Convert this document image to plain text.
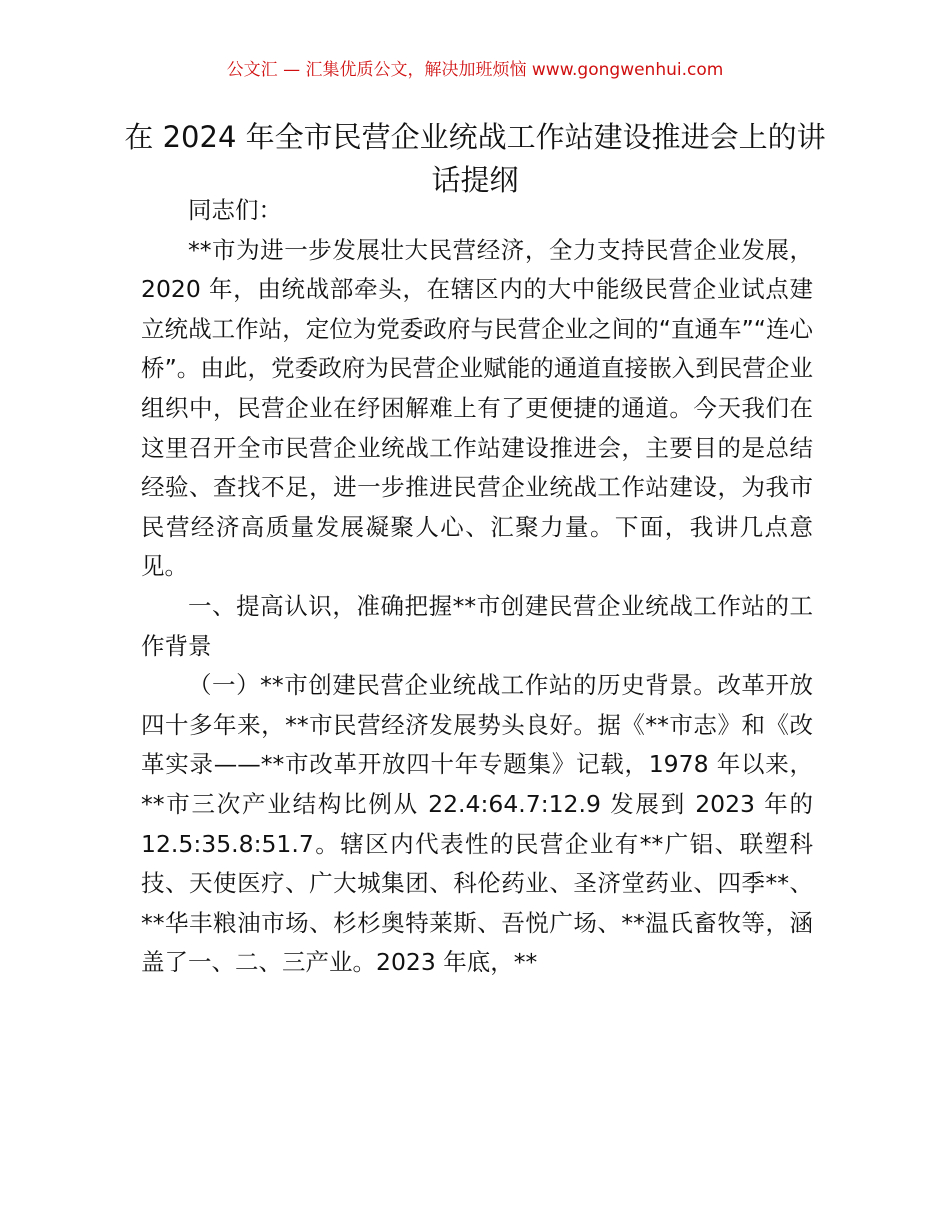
公文汇 — 汇集优质公文，解决加班烦恼 www.gongwenhui.com
在 2024 年全市民营企业统战工作站建设推进会上的讲话提纲

同志们：

**市为进一步发展壮大民营经济，全力支持民营企业发展，2020 年，由统战部牵头，在辖区内的大中能级民营企业试点建立统战工作站，定位为党委政府与民营企业之间的“直通车”“连心桥”。由此，党委政府为民营企业赋能的通道直接嵌入到民营企业组织中，民营企业在纾困解难上有了更便捷的通道。今天我们在这里召开全市民营企业统战工作站建设推进会，主要目的是总结经验、查找不足，进一步推进民营企业统战工作站建设，为我市民营经济高质量发展凝聚人心、汇聚力量。下面，我讲几点意见。

一、提高认识，准确把握**市创建民营企业统战工作站的工作背景

（一）**市创建民营企业统战工作站的历史背景。改革开放四十多年来，**市民营经济发展势头良好。据《**市志》和《改革实录——**市改革开放四十年专题集》记载，1978 年以来，**市三次产业结构比例从 22.4:64.7:12.9 发展到 2023 年的 12.5:35.8:51.7。辖区内代表性的民营企业有**广铝、联塑科技、天使医疗、广大城集团、科伦药业、圣济堂药业、四季**、**华丰粮油市场、杉杉奥特莱斯、吾悦广场、**温氏畜牧等，涵盖了一、二、三产业。2023 年底，**
